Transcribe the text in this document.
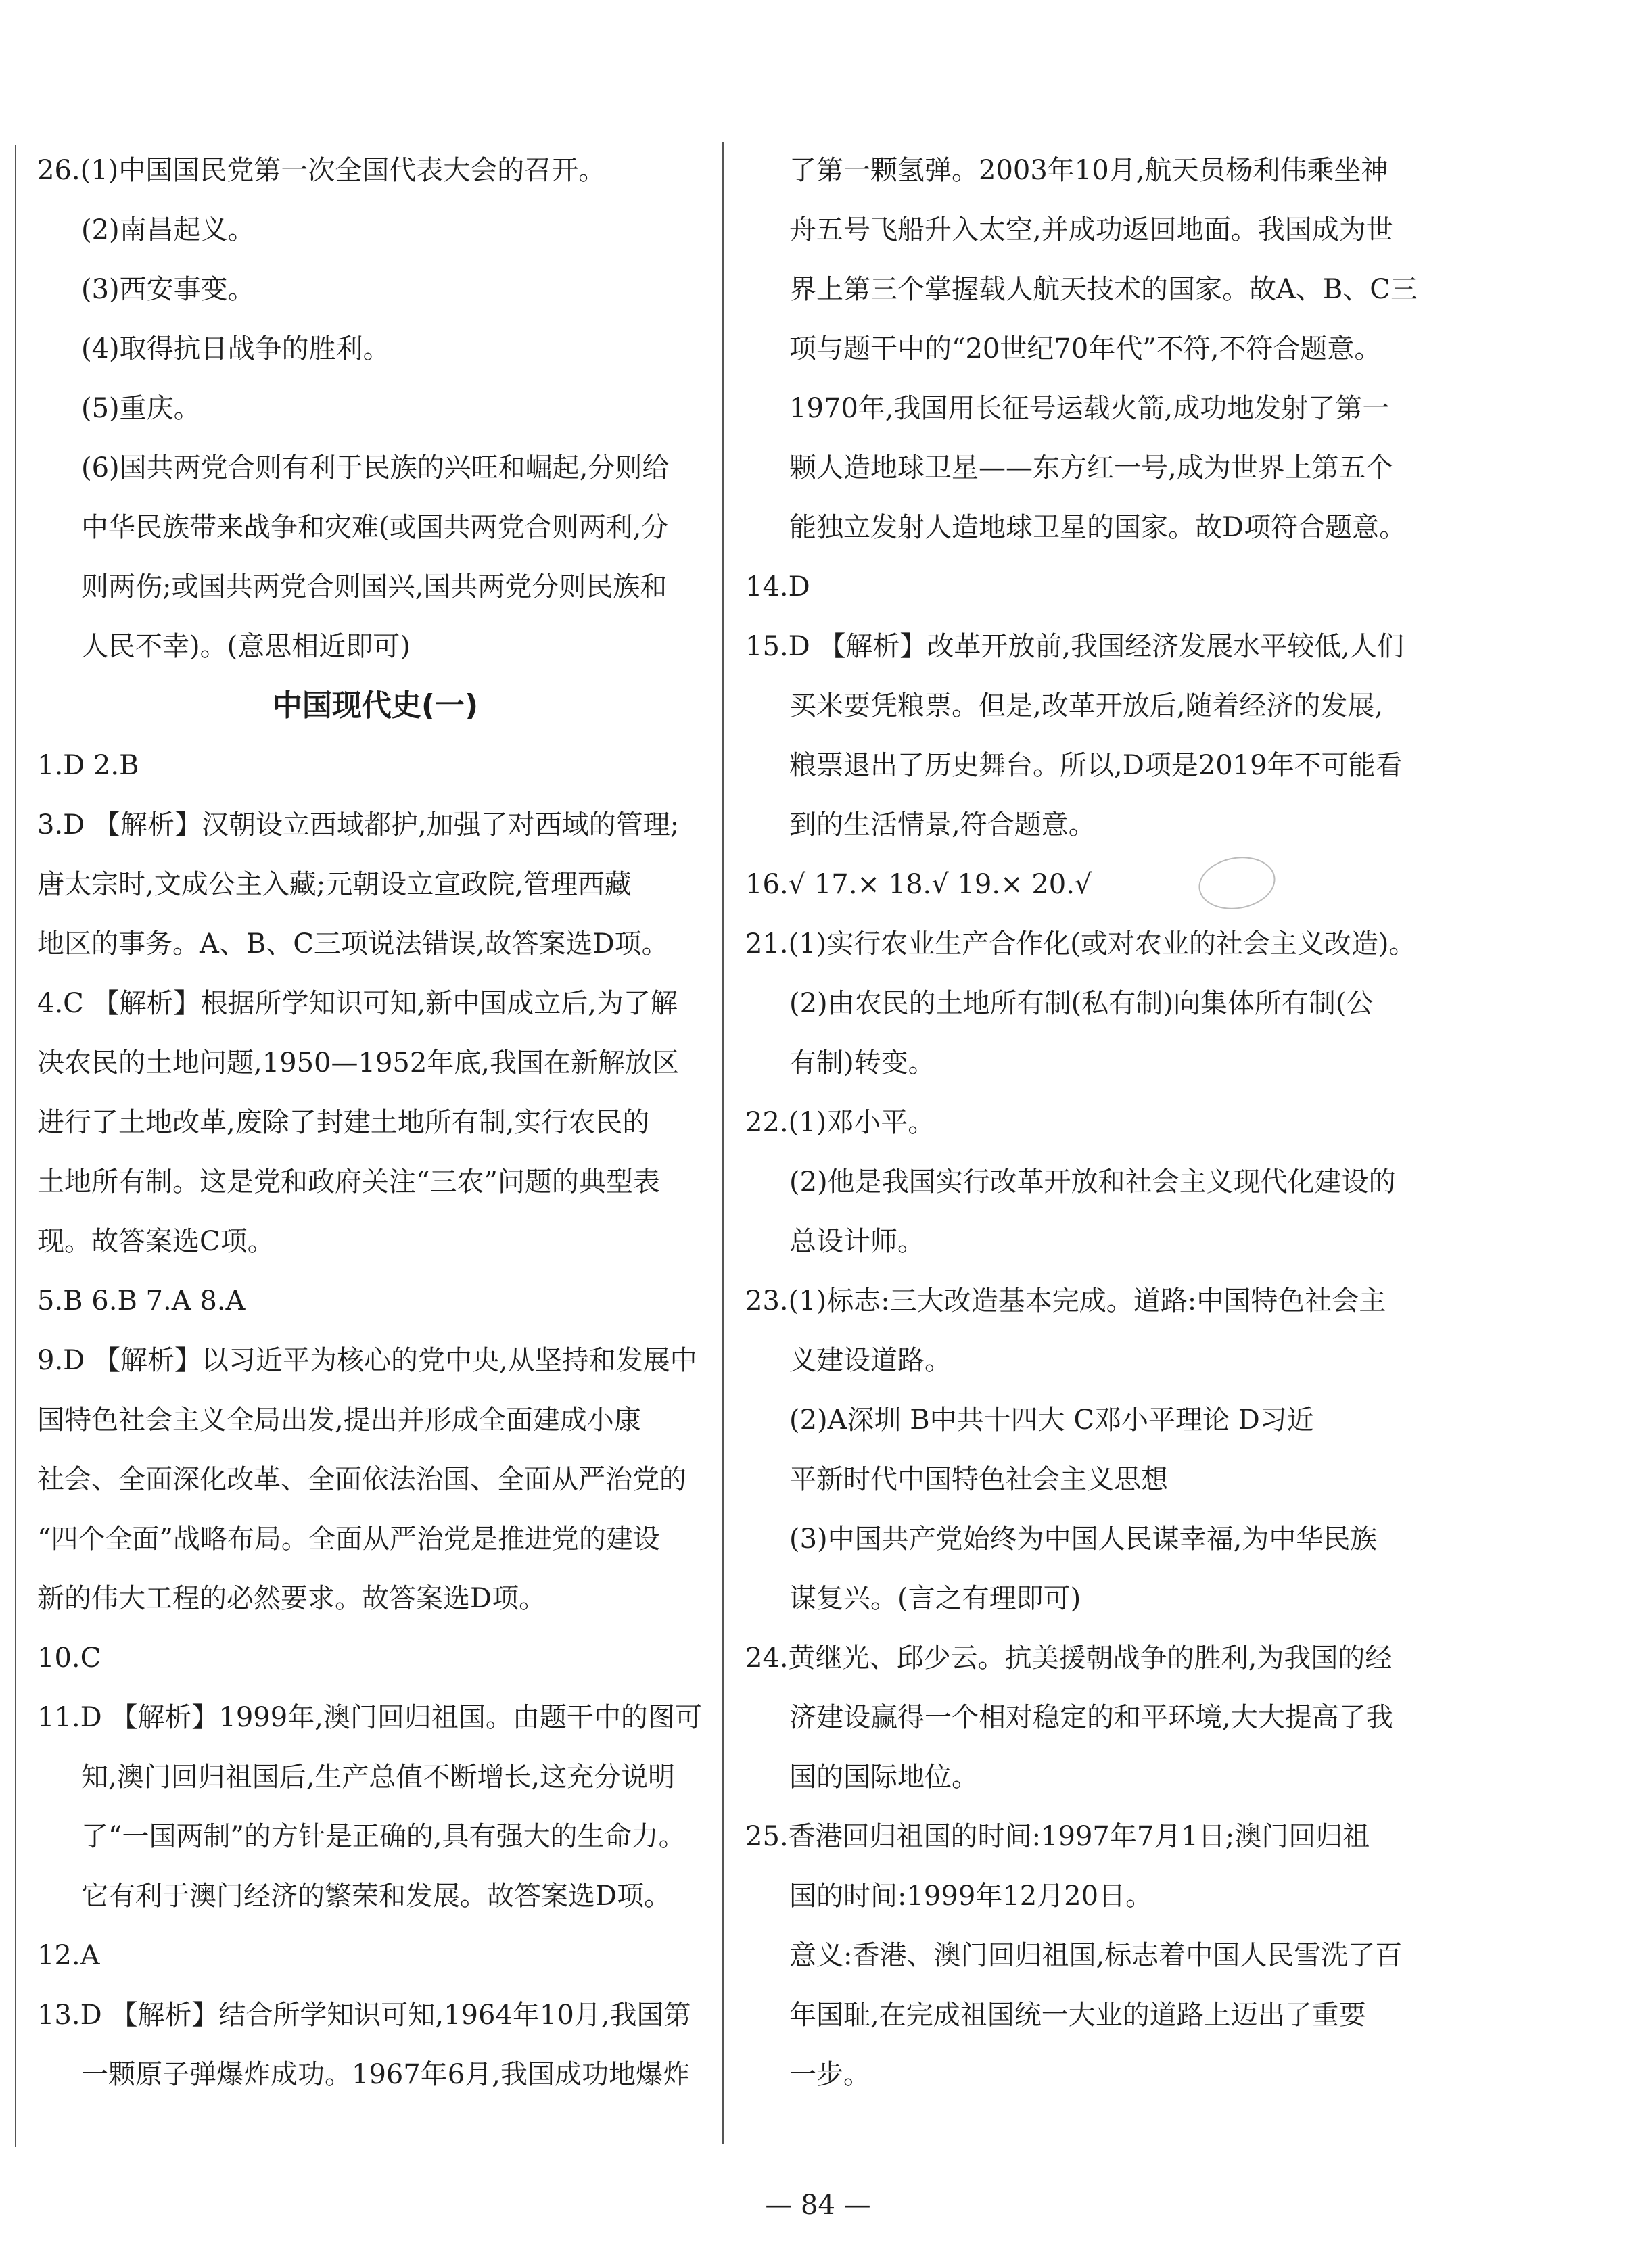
26.(1)中国国民党第一次全国代表大会的召开。
(2)南昌起义。
(3)西安事变。
(4)取得抗日战争的胜利。
(5)重庆。
(6)国共两党合则有利于民族的兴旺和崛起,分则给
中华民族带来战争和灾难(或国共两党合则两利,分
则两伤;或国共两党合则国兴,国共两党分则民族和
人民不幸)。(意思相近即可)
中国现代史(一)
1.D 2.B
3.D 【解析】汉朝设立西域都护,加强了对西域的管理;
唐太宗时,文成公主入藏;元朝设立宣政院,管理西藏
地区的事务。A、B、C三项说法错误,故答案选D项。
4.C 【解析】根据所学知识可知,新中国成立后,为了解
决农民的土地问题,1950—1952年底,我国在新解放区
进行了土地改革,废除了封建土地所有制,实行农民的
土地所有制。这是党和政府关注“三农”问题的典型表
现。故答案选C项。
5.B 6.B 7.A 8.A
9.D 【解析】以习近平为核心的党中央,从坚持和发展中
国特色社会主义全局出发,提出并形成全面建成小康
社会、全面深化改革、全面依法治国、全面从严治党的
“四个全面”战略布局。全面从严治党是推进党的建设
新的伟大工程的必然要求。故答案选D项。
10.C
11.D 【解析】1999年,澳门回归祖国。由题干中的图可
知,澳门回归祖国后,生产总值不断增长,这充分说明
了“一国两制”的方针是正确的,具有强大的生命力。
它有利于澳门经济的繁荣和发展。故答案选D项。
12.A
13.D 【解析】结合所学知识可知,1964年10月,我国第
一颗原子弹爆炸成功。1967年6月,我国成功地爆炸
了第一颗氢弹。2003年10月,航天员杨利伟乘坐神
舟五号飞船升入太空,并成功返回地面。我国成为世
界上第三个掌握载人航天技术的国家。故A、B、C三
项与题干中的“20世纪70年代”不符,不符合题意。
1970年,我国用长征号运载火箭,成功地发射了第一
颗人造地球卫星——东方红一号,成为世界上第五个
能独立发射人造地球卫星的国家。故D项符合题意。
14.D
15.D 【解析】改革开放前,我国经济发展水平较低,人们
买米要凭粮票。但是,改革开放后,随着经济的发展,
粮票退出了历史舞台。所以,D项是2019年不可能看
到的生活情景,符合题意。
16.√ 17.× 18.√ 19.× 20.√
21.(1)实行农业生产合作化(或对农业的社会主义改造)。
(2)由农民的土地所有制(私有制)向集体所有制(公
有制)转变。
22.(1)邓小平。
(2)他是我国实行改革开放和社会主义现代化建设的
总设计师。
23.(1)标志:三大改造基本完成。道路:中国特色社会主
义建设道路。
(2)A深圳 B中共十四大 C邓小平理论 D习近
平新时代中国特色社会主义思想
(3)中国共产党始终为中国人民谋幸福,为中华民族
谋复兴。(言之有理即可)
24.黄继光、邱少云。抗美援朝战争的胜利,为我国的经
济建设赢得一个相对稳定的和平环境,大大提高了我
国的国际地位。
25.香港回归祖国的时间:1997年7月1日;澳门回归祖
国的时间:1999年12月20日。
意义:香港、澳门回归祖国,标志着中国人民雪洗了百
年国耻,在完成祖国统一大业的道路上迈出了重要
一步。
— 84 —
